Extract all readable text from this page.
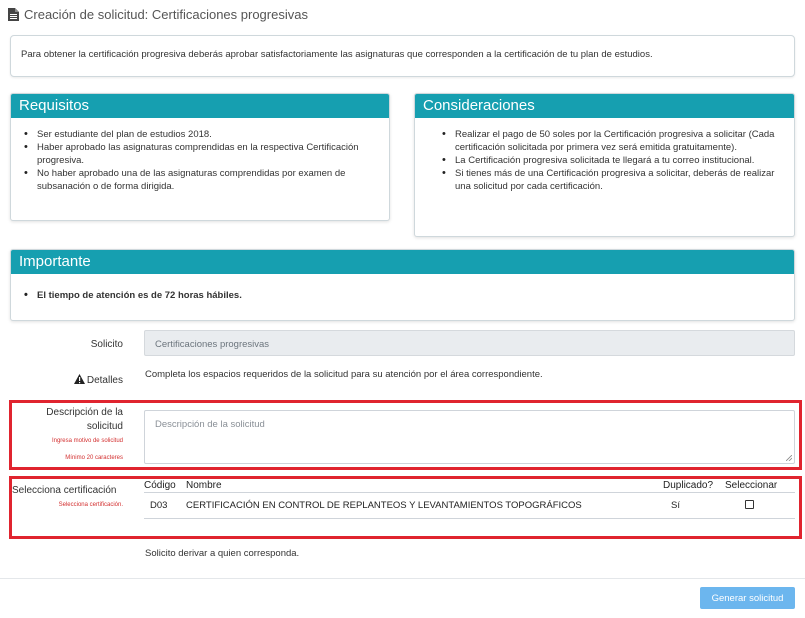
Creación de solicitud: Certificaciones progresivas
Para obtener la certificación progresiva deberás aprobar satisfactoriamente las asignaturas que corresponden a la certificación de tu plan de estudios.
Requisitos
• Ser estudiante del plan de estudios 2018.
• Haber aprobado las asignaturas comprendidas en la respectiva Certificación progresiva.
• No haber aprobado una de las asignaturas comprendidas por examen de subsanación o de forma dirigida.
Consideraciones
• Realizar el pago de 50 soles por la Certificación progresiva a solicitar (Cada certificación solicitada por primera vez será emitida gratuitamente).
• La Certificación progresiva solicitada te llegará a tu correo institucional.
• Si tienes más de una Certificación progresiva a solicitar, deberás de realizar una solicitud por cada certificación.
Importante
• El tiempo de atención es de 72 horas hábiles.
Solicito	Certificaciones progresivas
Detalles
Completa los espacios requeridos de la solicitud para su atención por el área correspondiente.
Descripción de la
solicitud
Ingresa motivo de solicitud
Mínimo 20 caracteres
Descripción de la solicitud
Selecciona certificación
Selecciona certificación.
Código	Nombre	Duplicado?	Seleccionar
D03	CERTIFICACIÓN EN CONTROL DE REPLANTEOS Y LEVANTAMIENTOS TOPOGRÁFICOS	Sí
Solicito derivar a quien corresponda.
Generar solicitud
